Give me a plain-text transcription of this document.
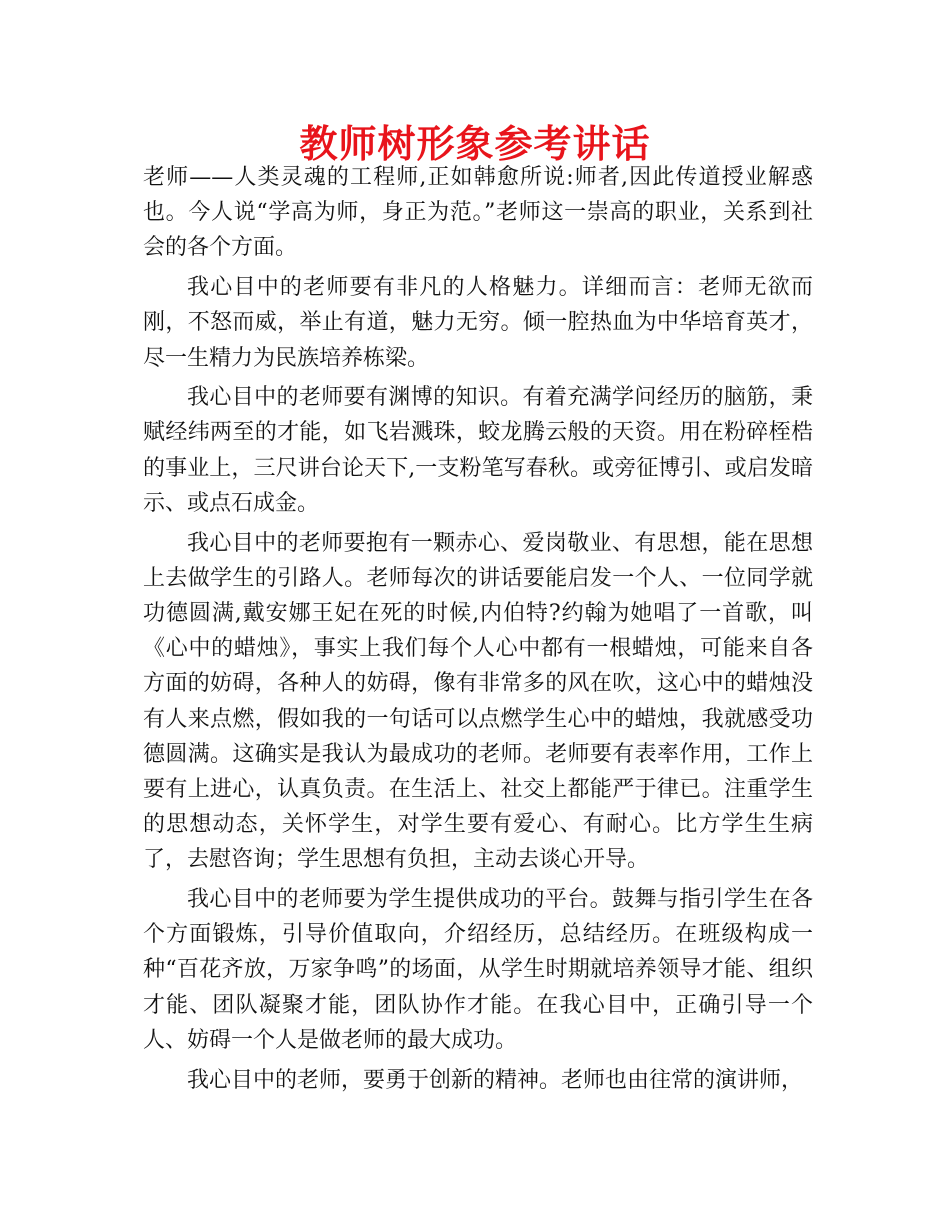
教师树形象参考讲话

老师——人类灵魂的工程师,正如韩愈所说:师者,因此传道授业解惑也。今人说“学高为师，身正为范。”老师这一崇高的职业，关系到社会的各个方面。

我心目中的老师要有非凡的人格魅力。详细而言：老师无欲而刚，不怒而威，举止有道，魅力无穷。倾一腔热血为中华培育英才，尽一生精力为民族培养栋梁。

我心目中的老师要有渊博的知识。有着充满学问经历的脑筋，秉赋经纬两至的才能，如飞岩溅珠，蛟龙腾云般的天资。用在粉碎桎梏的事业上，三尺讲台论天下,一支粉笔写春秋。或旁征博引、或启发暗示、或点石成金。

我心目中的老师要抱有一颗赤心、爱岗敬业、有思想，能在思想上去做学生的引路人。老师每次的讲话要能启发一个人、一位同学就功德圆满,戴安娜王妃在死的时候,内伯特?约翰为她唱了一首歌，叫《心中的蜡烛》，事实上我们每个人心中都有一根蜡烛，可能来自各方面的妨碍，各种人的妨碍，像有非常多的风在吹，这心中的蜡烛没有人来点燃，假如我的一句话可以点燃学生心中的蜡烛，我就感受功德圆满。这确实是我认为最成功的老师。老师要有表率作用，工作上要有上进心，认真负责。在生活上、社交上都能严于律已。注重学生的思想动态，关怀学生，对学生要有爱心、有耐心。比方学生生病了，去慰咨询；学生思想有负担，主动去谈心开导。

我心目中的老师要为学生提供成功的平台。鼓舞与指引学生在各个方面锻炼，引导价值取向，介绍经历，总结经历。在班级构成一种“百花齐放，万家争鸣”的场面，从学生时期就培养领导才能、组织才能、团队凝聚才能，团队协作才能。在我心目中，正确引导一个人、妨碍一个人是做老师的最大成功。

我心目中的老师，要勇于创新的精神。老师也由往常的演讲师，
